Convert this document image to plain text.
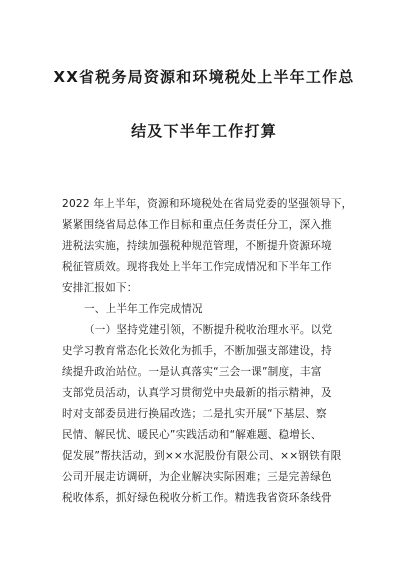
XX省税务局资源和环境税处上半年工作总
结及下半年工作打算
2022 年上半年，资源和环境税处在省局党委的坚强领导下，
紧紧围绕省局总体工作目标和重点任务责任分工，深入推
进税法实施，持续加强税种规范管理，不断提升资源环境
税征管质效。现将我处上半年工作完成情况和下半年工作
安排汇报如下：
一、上半年工作完成情况
（一）坚持党建引领，不断提升税收治理水平。以党
史学习教育常态化长效化为抓手，不断加强支部建设，持
续提升政治站位。一是认真落实“三会一课”制度，丰富
支部党员活动，认真学习贯彻党中央最新的指示精神，及
时对支部委员进行换届改选；二是扎实开展“下基层、察
民情、解民忧、暖民心”实践活动和“解难题、稳增长、
促发展”帮扶活动，到××水泥股份有限公司、××钢铁有限
公司开展走访调研，为企业解决实际困难；三是完善绿色
税收体系，抓好绿色税收分析工作。精选我省资环条线骨
